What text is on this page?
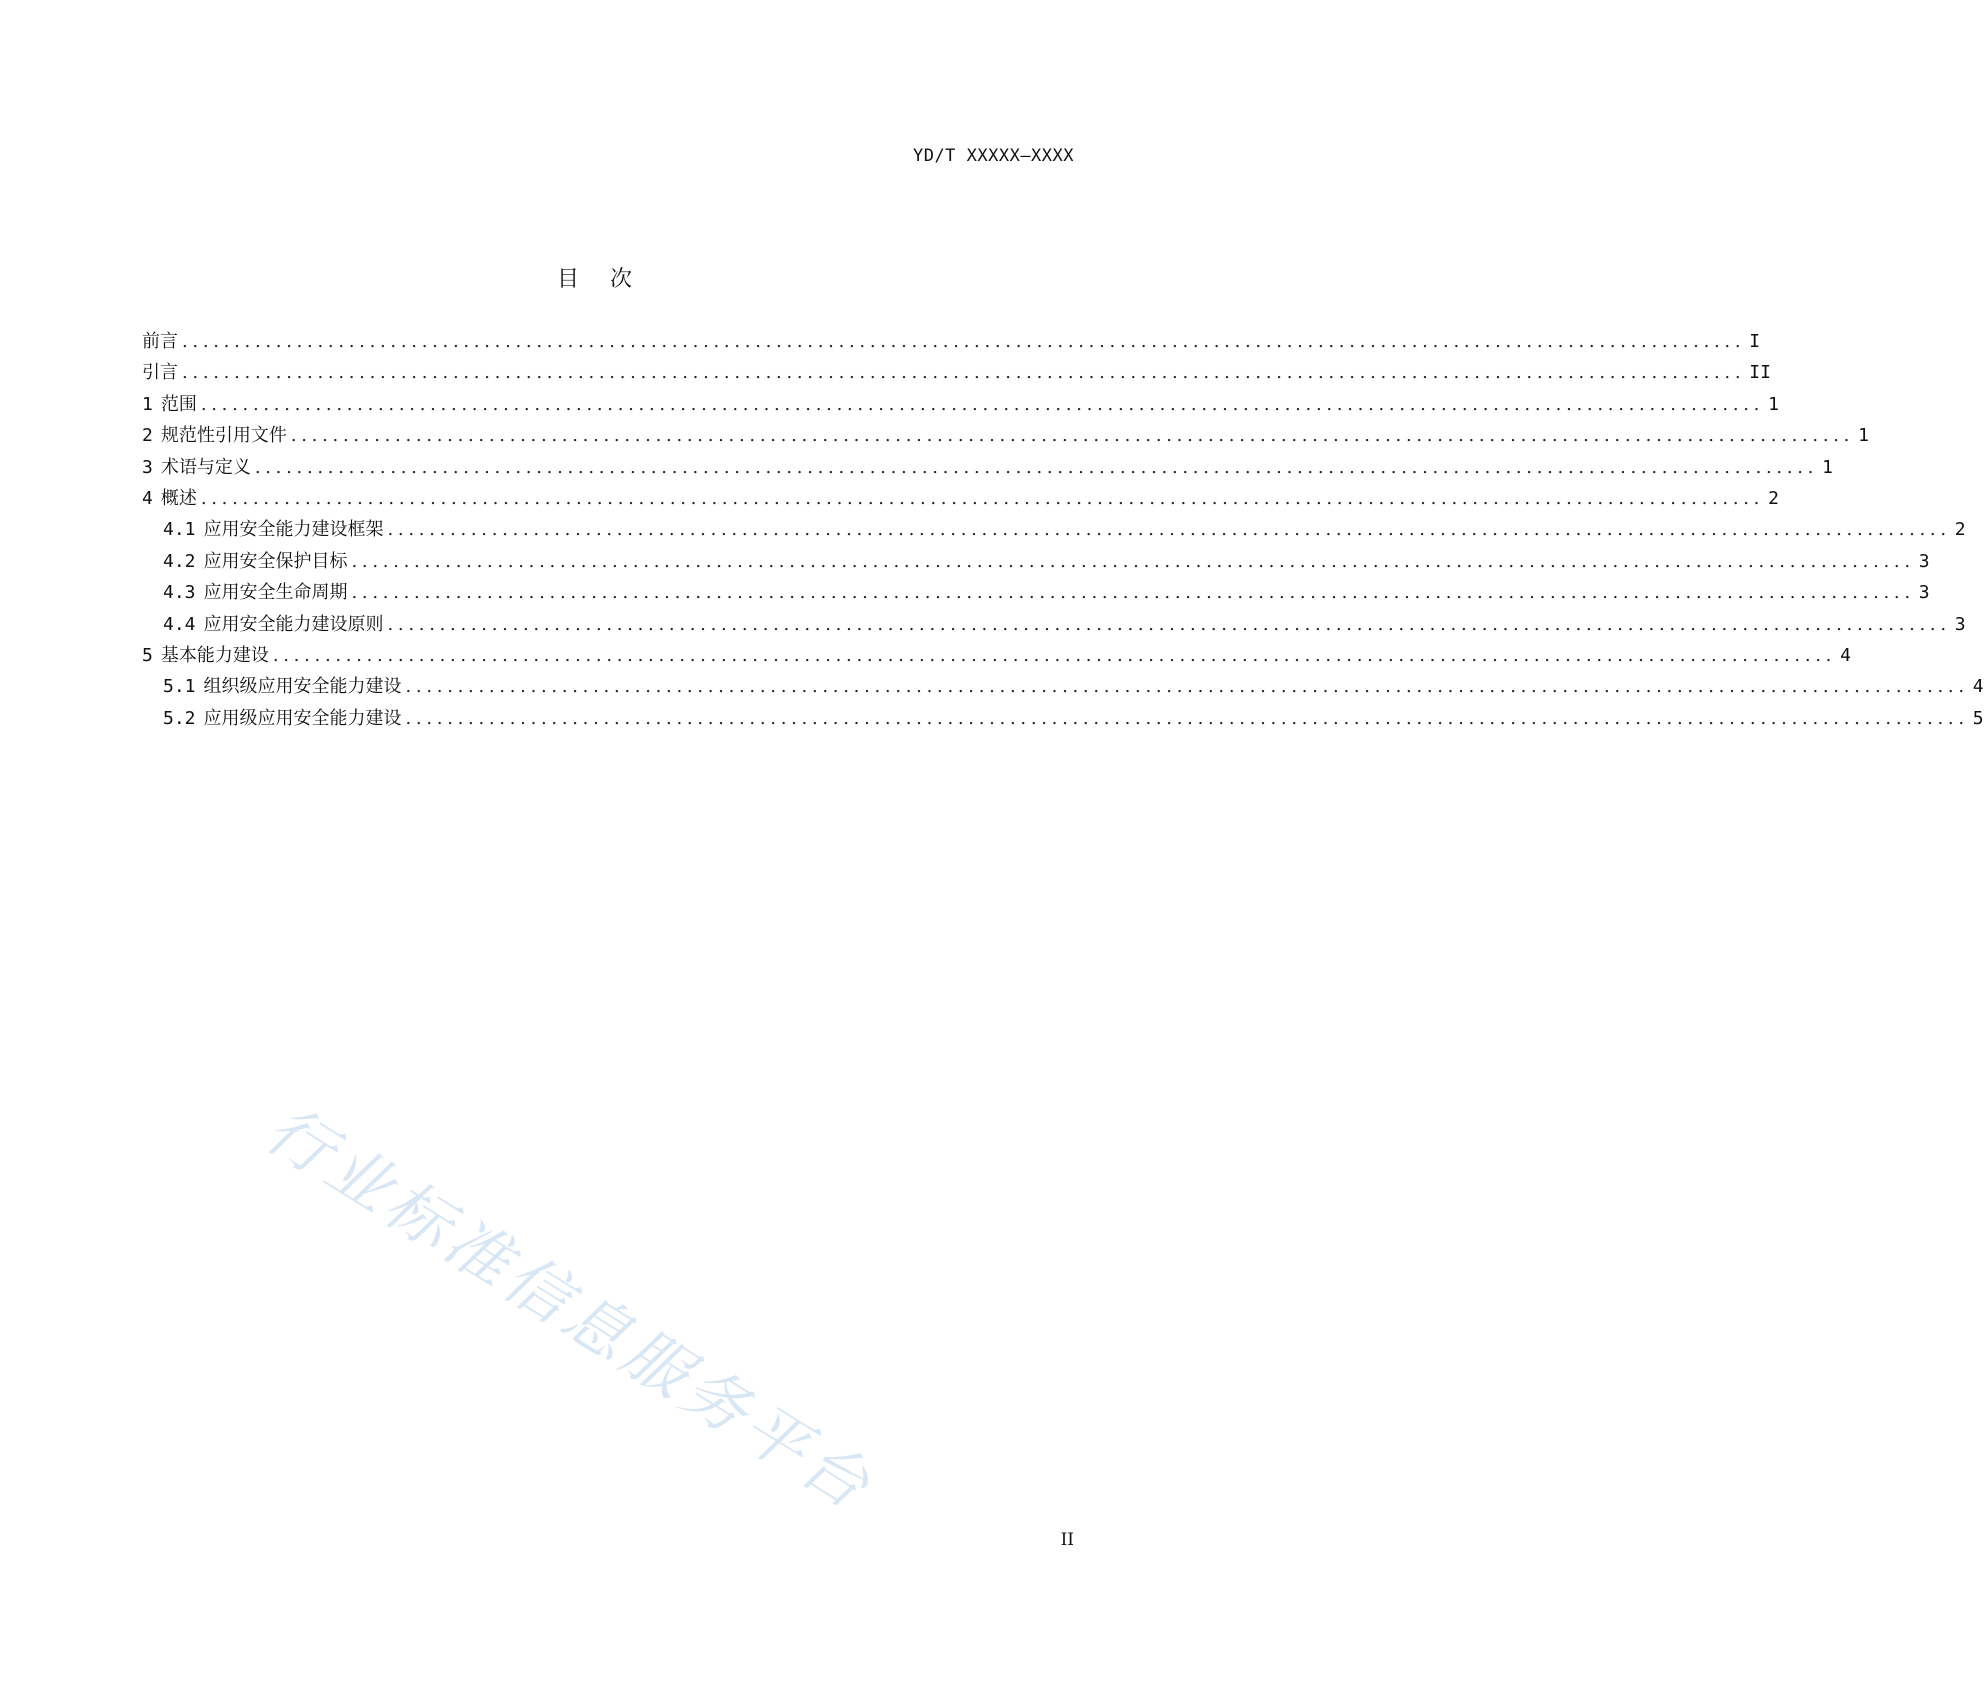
YD/T XXXXX—XXXX
目 次
前言 ...................................................................................................................................................... I
引言 ...................................................................................................................................................... II
1 范围 ...................................................................................................................................................... 1
2 规范性引用文件 ...................................................................................................................................................... 1
3 术语与定义 ...................................................................................................................................................... 1
4 概述 ...................................................................................................................................................... 2
4.1 应用安全能力建设框架 ...................................................................................................................................................... 2
4.2 应用安全保护目标 ...................................................................................................................................................... 3
4.3 应用安全生命周期 ...................................................................................................................................................... 3
4.4 应用安全能力建设原则 ...................................................................................................................................................... 3
5 基本能力建设 ...................................................................................................................................................... 4
5.1 组织级应用安全能力建设 ...................................................................................................................................................... 4
5.2 应用级应用安全能力建设 ...................................................................................................................................................... 5
行业标准信息服务平台
II
